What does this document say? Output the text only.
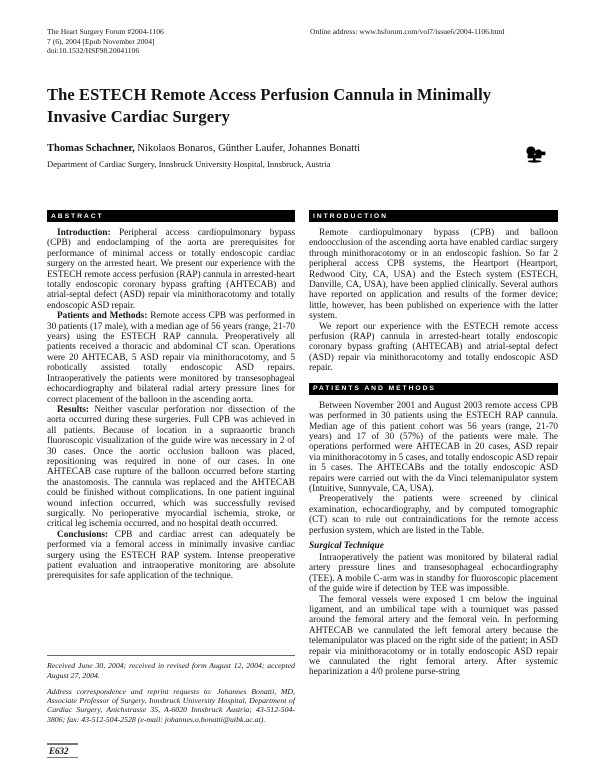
The Heart Surgery Forum #2004-1106
7 (6), 2004 [Epub November 2004]
doi:10.1532/HSF98.20041106
Online address: www.hsforum.com/vol7/issue6/2004-1106.html
The ESTECH Remote Access Perfusion Cannula in Minimally
Invasive Cardiac Surgery
Thomas Schachner, Nikolaos Bonaros, Günther Laufer, Johannes Bonatti
Department of Cardiac Surgery, Innsbruck University Hospital, Innsbruck, Austria
ABSTRACT

Introduction: Peripheral access cardiopulmonary bypass (CPB) and endoclamping of the aorta are prerequisites for performance of minimal access or totally endoscopic cardiac surgery on the arrested heart. We present our experience with the ESTECH remote access perfusion (RAP) cannula in arrested-heart totally endoscopic coronary bypass grafting (AHTECAB) and atrial-septal defect (ASD) repair via minithoracotomy and totally endoscopic ASD repair.

Patients and Methods: Remote access CPB was performed in 30 patients (17 male), with a median age of 56 years (range, 21-70 years) using the ESTECH RAP cannula. Preoperatively all patients received a thoracic and abdominal CT scan. Operations were 20 AHTECAB, 5 ASD repair via minithoracotomy, and 5 robotically assisted totally endoscopic ASD repairs. Intraoperatively the patients were monitored by transesophageal echocardiography and bilateral radial artery pressure lines for correct placement of the balloon in the ascending aorta.

Results: Neither vascular perforation nor dissection of the aorta occurred during these surgeries. Full CPB was achieved in all patients. Because of location in a supraaortic branch fluoroscopic visualization of the guide wire was necessary in 2 of 30 cases. Once the aortic occlusion balloon was placed, repositioning was required in none of our cases. In one AHTECAB case rupture of the balloon occurred before starting the anastomosis. The cannula was replaced and the AHTECAB could be finished without complications. In one patient inguinal wound infection occurred, which was successfully revised surgically. No perioperative myocardial ischemia, stroke, or critical leg ischemia occurred, and no hospital death occurred.

Conclusions: CPB and cardiac arrest can adequately be performed via a femoral access in minimally invasive cardiac surgery using the ESTECH RAP system. Intense preoperative patient evaluation and intraoperative monitoring are absolute prerequisites for safe application of the technique.

Received June 30, 2004; received in revised form August 12, 2004; accepted August 27, 2004.

Address correspondence and reprint requests to: Johannes Bonatti, MD, Associate Professor of Surgery, Innsbruck University Hospital, Department of Cardiac Surgery, Anichstrasse 35, A-6020 Innsbruck Austria; 43-512-504-3806; fax: 43-512-504-2528 (e-mail: johannes.o.bonatti@uibk.ac.at).

E632
INTRODUCTION

Remote cardiopulmonary bypass (CPB) and balloon endoocclusion of the ascending aorta have enabled cardiac surgery through minithoracotomy or in an endoscopic fashion. So far 2 peripheral access CPB systems, the Heartport (Heartport, Redwood City, CA, USA) and the Estech system (ESTECH, Danville, CA, USA), have been applied clinically. Several authors have reported on application and results of the former device; little, however, has been published on experience with the latter system.

We report our experience with the ESTECH remote access perfusion (RAP) cannula in arrested-heart totally endoscopic coronary bypass grafting (AHTECAB) and atrial-septal defect (ASD) repair via minithoracotomy and totally endoscopic ASD repair.

PATIENTS AND METHODS

Between November 2001 and August 2003 remote access CPB was performed in 30 patients using the ESTECH RAP cannula. Median age of this patient cohort was 56 years (range, 21-70 years) and 17 of 30 (57%) of the patients were male. The operations performed were AHTECAB in 20 cases, ASD repair via minithoracotomy in 5 cases, and totally endoscopic ASD repair in 5 cases. The AHTECABs and the totally endoscopic ASD repairs were carried out with the da Vinci telemanipulator system (Intuitive, Sunnyvale, CA, USA).

Preoperatively the patients were screened by clinical examination, echocardiography, and by computed tomographic (CT) scan to rule out contraindications for the remote access perfusion system, which are listed in the Table.

Surgical Technique

Intraoperatively the patient was monitored by bilateral radial artery pressure lines and transesophageal echocardiography (TEE). A mobile C-arm was in standby for fluoroscopic placement of the guide wire if detection by TEE was impossible.

The femoral vessels were exposed 1 cm below the inguinal ligament, and an umbilical tape with a tourniquet was passed around the femoral artery and the femoral vein. In performing AHTECAB we cannulated the left femoral artery because the telemanipulator was placed on the right side of the patient; in ASD repair via minithoracotomy or in totally endoscopic ASD repair we cannulated the right femoral artery. After systemic heparinization a 4/0 prolene purse-string
